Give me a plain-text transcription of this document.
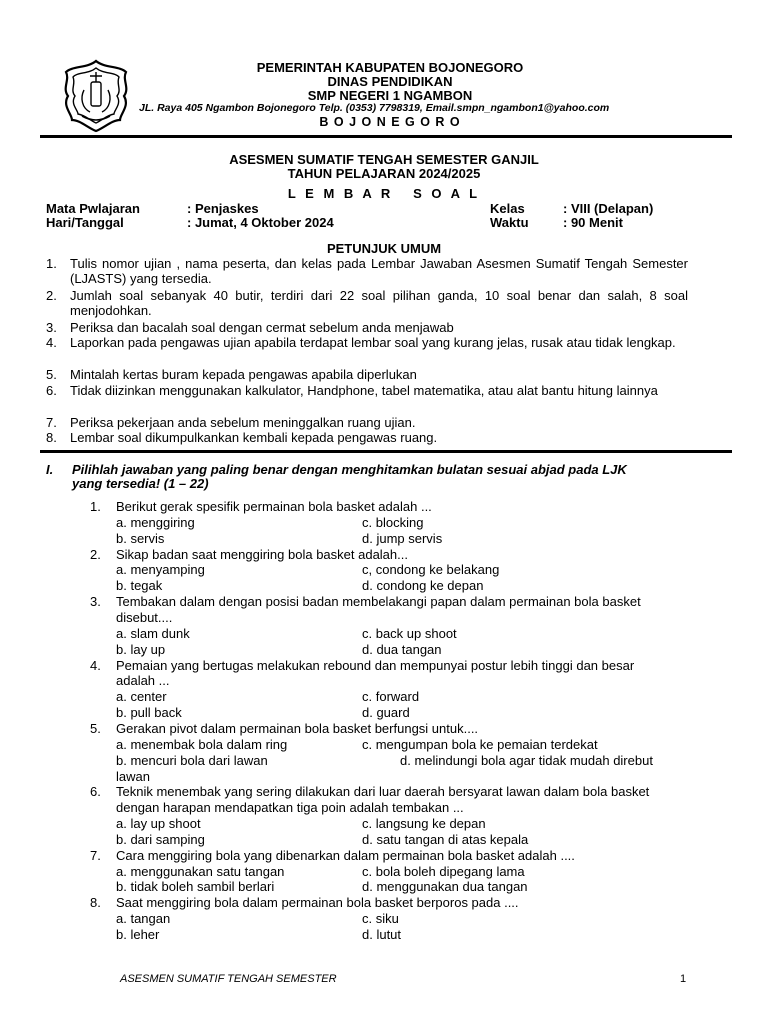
PEMERINTAH KABUPATEN BOJONEGORO
DINAS PENDIDIKAN
SMP NEGERI 1 NGAMBON
JL. Raya 405 Ngambon Bojonegoro Telp. (0353) 7798319, Email.smpn_ngambon1@yahoo.com
B O J O N E G O R O
ASESMEN SUMATIF TENGAH SEMESTER GANJIL
TAHUN PELAJARAN 2024/2025
L E M B A R   S O A L
Mata Pwlajaran	: Penjaskes	Kelas	: VIII (Delapan)
Hari/Tanggal	: Jumat, 4 Oktober 2024	Waktu	: 90 Menit
PETUNJUK UMUM
1. Tulis nomor ujian , nama peserta, dan kelas pada Lembar Jawaban Asesmen Sumatif Tengah Semester (LJASTS) yang tersedia.
2. Jumlah soal sebanyak 40 butir, terdiri dari 22 soal pilihan ganda, 10 soal benar dan salah, 8 soal menjodohkan.
3. Periksa dan bacalah soal dengan cermat sebelum anda menjawab
4. Laporkan pada pengawas ujian apabila terdapat lembar soal yang kurang jelas, rusak atau tidak lengkap.
5. Mintalah kertas buram kepada pengawas apabila diperlukan
6. Tidak diizinkan menggunakan kalkulator, Handphone, tabel matematika, atau alat bantu hitung lainnya
7. Periksa pekerjaan anda sebelum meninggalkan ruang ujian.
8. Lembar soal dikumpulkankan kembali kepada pengawas ruang.
I. Pilihlah jawaban yang paling benar dengan menghitamkan bulatan sesuai abjad pada LJK
yang tersedia! (1 – 22)
1. Berikut gerak spesifik permainan bola basket adalah ...
a. menggiring	c. blocking
b. servis	d. jump servis
2. Sikap badan saat menggiring bola basket adalah...
a. menyamping	c, condong ke belakang
b. tegak	d. condong ke depan
3. Tembakan dalam dengan posisi badan membelakangi papan dalam permainan bola basket
disebut....
a. slam dunk	c. back up shoot
b. lay up	d. dua tangan
4. Pemaian yang bertugas melakukan rebound dan mempunyai postur lebih tinggi dan besar
adalah ...
a. center	c. forward
b. pull back	d. guard
5. Gerakan pivot dalam permainan bola basket berfungsi untuk....
a. menembak bola dalam ring	c. mengumpan bola ke pemaian terdekat
b. mencuri bola dari lawan	d. melindungi bola agar tidak mudah direbut
lawan
6. Teknik menembak yang sering dilakukan dari luar daerah bersyarat lawan dalam bola basket
dengan harapan mendapatkan tiga poin adalah tembakan ...
a. lay up shoot	c. langsung ke depan
b. dari samping	d. satu tangan di atas kepala
7. Cara menggiring bola yang dibenarkan dalam permainan bola basket adalah ....
a. menggunakan satu tangan	c. bola boleh dipegang lama
b. tidak boleh sambil berlari	d. menggunakan dua tangan
8. Saat menggiring bola dalam permainan bola basket berporos pada ....
a. tangan	c. siku
b. leher	d. lutut
ASESMEN SUMATIF TENGAH SEMESTER	1
